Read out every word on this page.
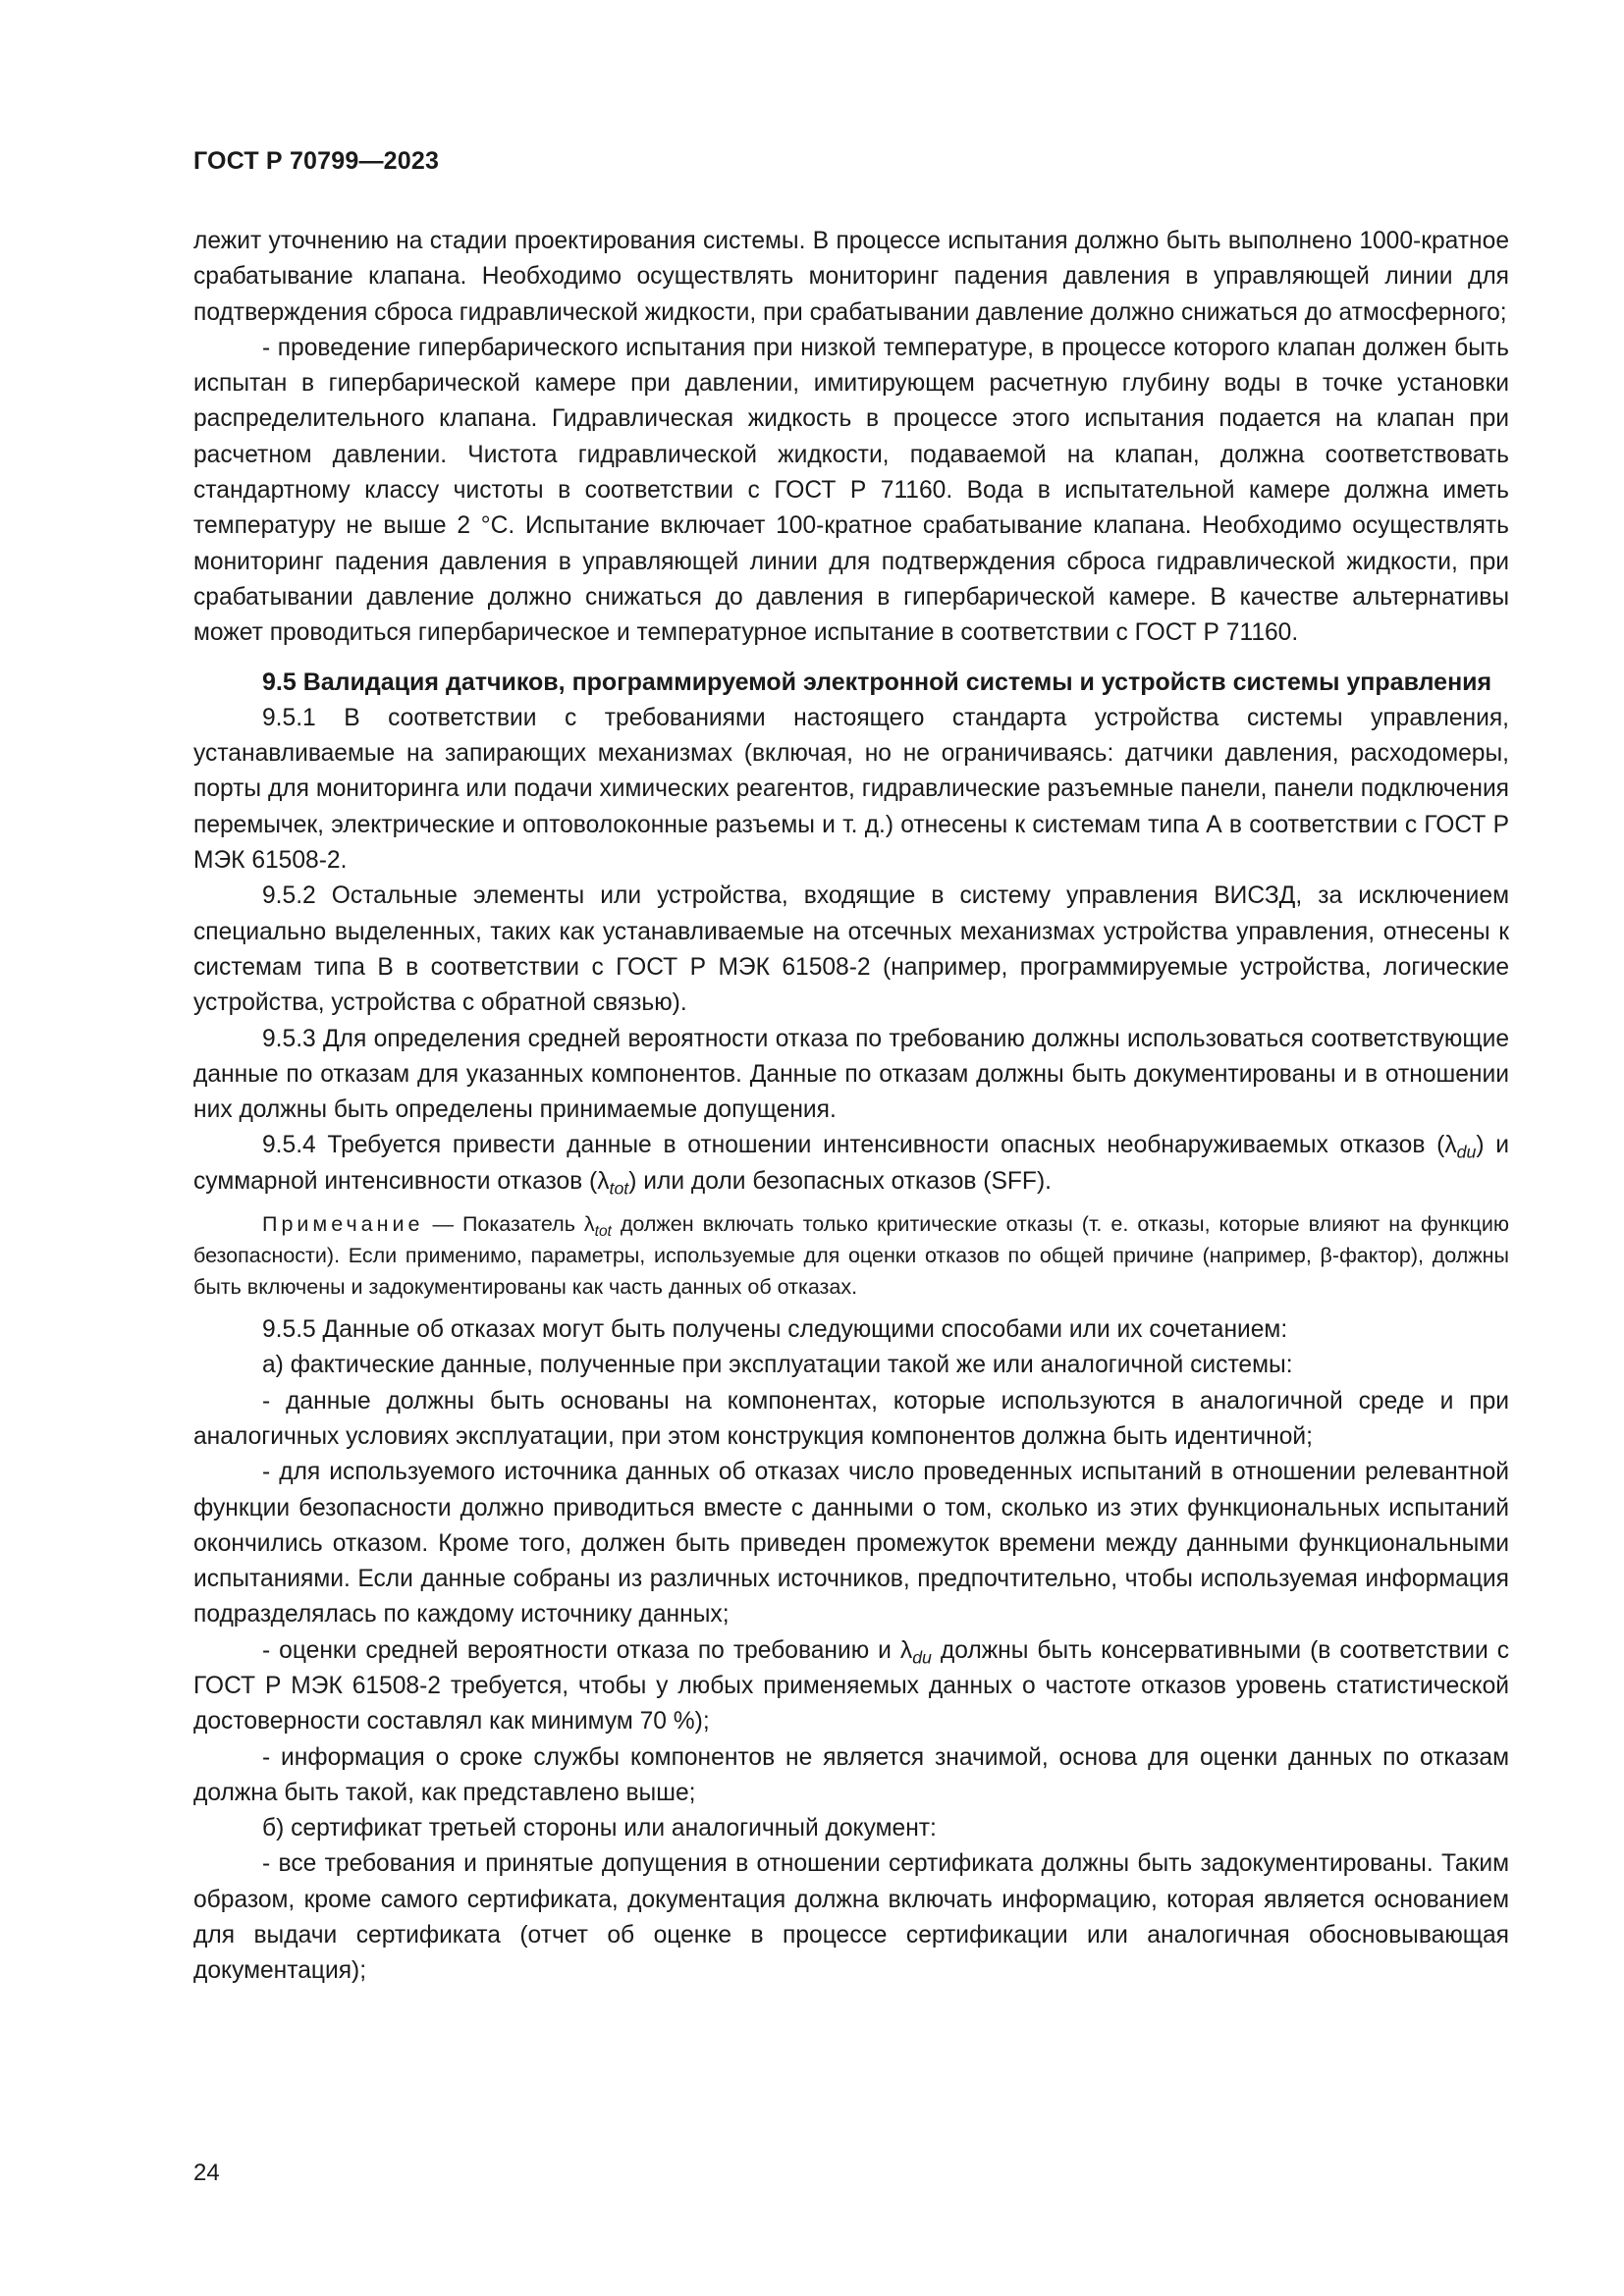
ГОСТ Р 70799—2023

лежит уточнению на стадии проектирования системы. В процессе испытания должно быть выполнено 1000-кратное срабатывание клапана. Необходимо осуществлять мониторинг падения давления в управляющей линии для подтверждения сброса гидравлической жидкости, при срабатывании давление должно снижаться до атмосферного;

- проведение гипербарического испытания при низкой температуре, в процессе которого клапан должен быть испытан в гипербарической камере при давлении, имитирующем расчетную глубину воды в точке установки распределительного клапана. Гидравлическая жидкость в процессе этого испытания подается на клапан при расчетном давлении. Чистота гидравлической жидкости, подаваемой на клапан, должна соответствовать стандартному классу чистоты в соответствии с ГОСТ Р 71160. Вода в испытательной камере должна иметь температуру не выше 2 °С. Испытание включает 100-кратное срабатывание клапана. Необходимо осуществлять мониторинг падения давления в управляющей линии для подтверждения сброса гидравлической жидкости, при срабатывании давление должно снижаться до давления в гипербарической камере. В качестве альтернативы может проводиться гипербарическое и температурное испытание в соответствии с ГОСТ Р 71160.

9.5 Валидация датчиков, программируемой электронной системы и устройств системы управления

9.5.1 В соответствии с требованиями настоящего стандарта устройства системы управления, устанавливаемые на запирающих механизмах (включая, но не ограничиваясь: датчики давления, расходомеры, порты для мониторинга или подачи химических реагентов, гидравлические разъемные панели, панели подключения перемычек, электрические и оптоволоконные разъемы и т. д.) отнесены к системам типа А в соответствии с ГОСТ Р МЭК 61508-2.

9.5.2 Остальные элементы или устройства, входящие в систему управления ВИСЗД, за исключением специально выделенных, таких как устанавливаемые на отсечных механизмах устройства управления, отнесены к системам типа В в соответствии с ГОСТ Р МЭК 61508-2 (например, программируемые устройства, логические устройства, устройства с обратной связью).

9.5.3 Для определения средней вероятности отказа по требованию должны использоваться соответствующие данные по отказам для указанных компонентов. Данные по отказам должны быть документированы и в отношении них должны быть определены принимаемые допущения.

9.5.4 Требуется привести данные в отношении интенсивности опасных необнаруживаемых отказов $(\lambda_{du})$ и суммарной интенсивности отказов $(\lambda_{tot})$ или доли безопасных отказов (SFF).

Примечание — Показатель $\lambda_{tot}$ должен включать только критические отказы (т. е. отказы, которые влияют на функцию безопасности). Если применимо, параметры, используемые для оценки отказов по общей причине (например, β-фактор), должны быть включены и задокументированы как часть данных об отказах.

9.5.5 Данные об отказах могут быть получены следующими способами или их сочетанием:

а) фактические данные, полученные при эксплуатации такой же или аналогичной системы:

- данные должны быть основаны на компонентах, которые используются в аналогичной среде и при аналогичных условиях эксплуатации, при этом конструкция компонентов должна быть идентичной;

- для используемого источника данных об отказах число проведенных испытаний в отношении релевантной функции безопасности должно приводиться вместе с данными о том, сколько из этих функциональных испытаний окончились отказом. Кроме того, должен быть приведен промежуток времени между данными функциональными испытаниями. Если данные собраны из различных источников, предпочтительно, чтобы используемая информация подразделялась по каждому источнику данных;

- оценки средней вероятности отказа по требованию и $\lambda_{du}$ должны быть консервативными (в соответствии с ГОСТ Р МЭК 61508-2 требуется, чтобы у любых применяемых данных о частоте отказов уровень статистической достоверности составлял как минимум 70 %);

- информация о сроке службы компонентов не является значимой, основа для оценки данных по отказам должна быть такой, как представлено выше;

б) сертификат третьей стороны или аналогичный документ:

- все требования и принятые допущения в отношении сертификата должны быть задокументированы. Таким образом, кроме самого сертификата, документация должна включать информацию, которая является основанием для выдачи сертификата (отчет об оценке в процессе сертификации или аналогичная обосновывающая документация);

24
